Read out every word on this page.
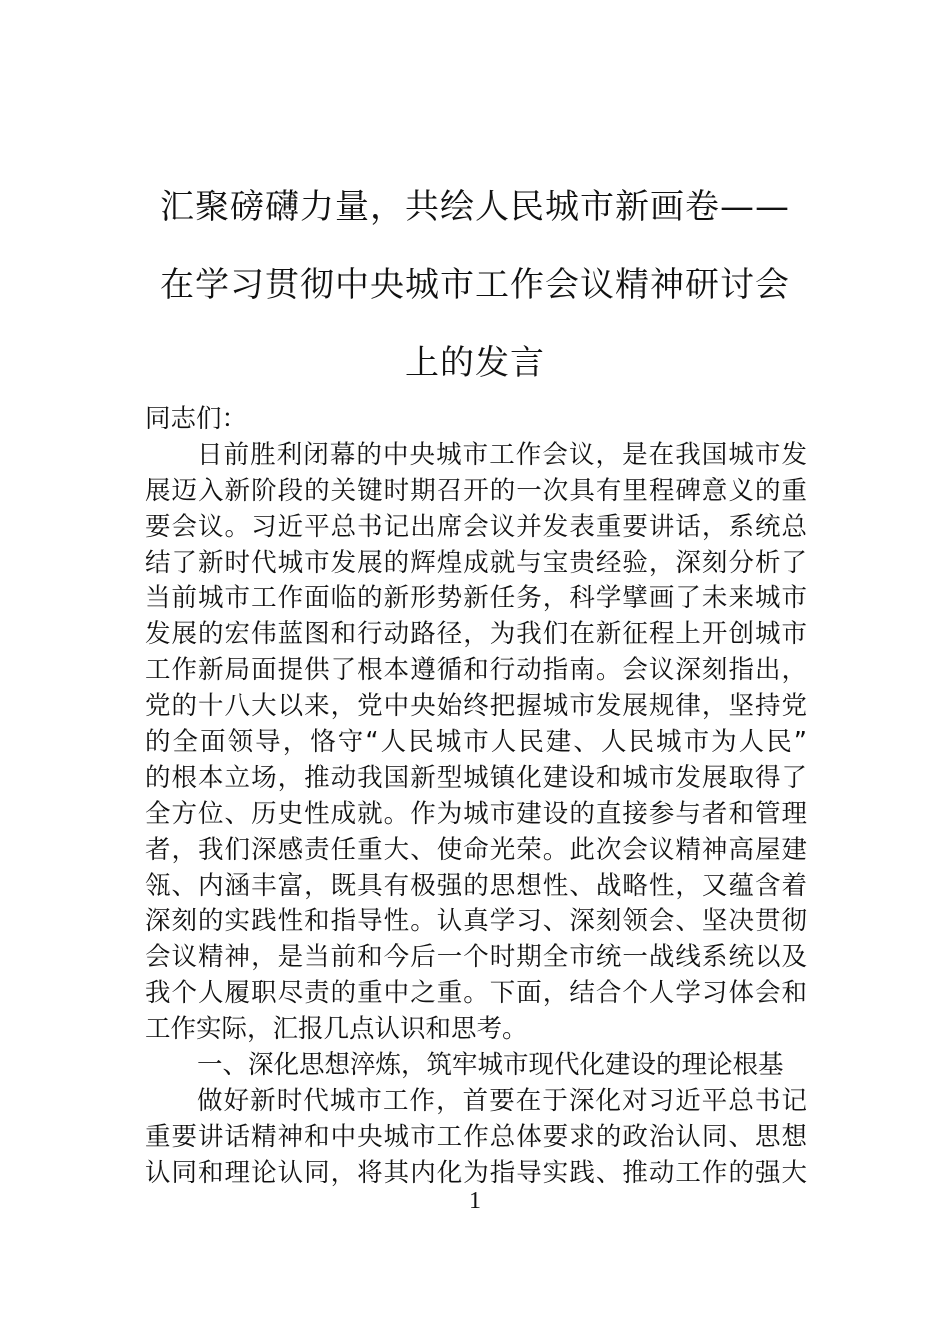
汇聚磅礴力量，共绘人民城市新画卷——
在学习贯彻中央城市工作会议精神研讨会
上的发言
同志们：
日前胜利闭幕的中央城市工作会议，是在我国城市发
展迈入新阶段的关键时期召开的一次具有里程碑意义的重
要会议。习近平总书记出席会议并发表重要讲话，系统总
结了新时代城市发展的辉煌成就与宝贵经验，深刻分析了
当前城市工作面临的新形势新任务，科学擘画了未来城市
发展的宏伟蓝图和行动路径，为我们在新征程上开创城市
工作新局面提供了根本遵循和行动指南。会议深刻指出，
党的十八大以来，党中央始终把握城市发展规律，坚持党
的全面领导，恪守“人民城市人民建、人民城市为人民”
的根本立场，推动我国新型城镇化建设和城市发展取得了
全方位、历史性成就。作为城市建设的直接参与者和管理
者，我们深感责任重大、使命光荣。此次会议精神高屋建
瓴、内涵丰富，既具有极强的思想性、战略性，又蕴含着
深刻的实践性和指导性。认真学习、深刻领会、坚决贯彻
会议精神，是当前和今后一个时期全市统一战线系统以及
我个人履职尽责的重中之重。下面，结合个人学习体会和
工作实际，汇报几点认识和思考。
一、深化思想淬炼，筑牢城市现代化建设的理论根基
做好新时代城市工作，首要在于深化对习近平总书记
重要讲话精神和中央城市工作总体要求的政治认同、思想
认同和理论认同，将其内化为指导实践、推动工作的强大
1
